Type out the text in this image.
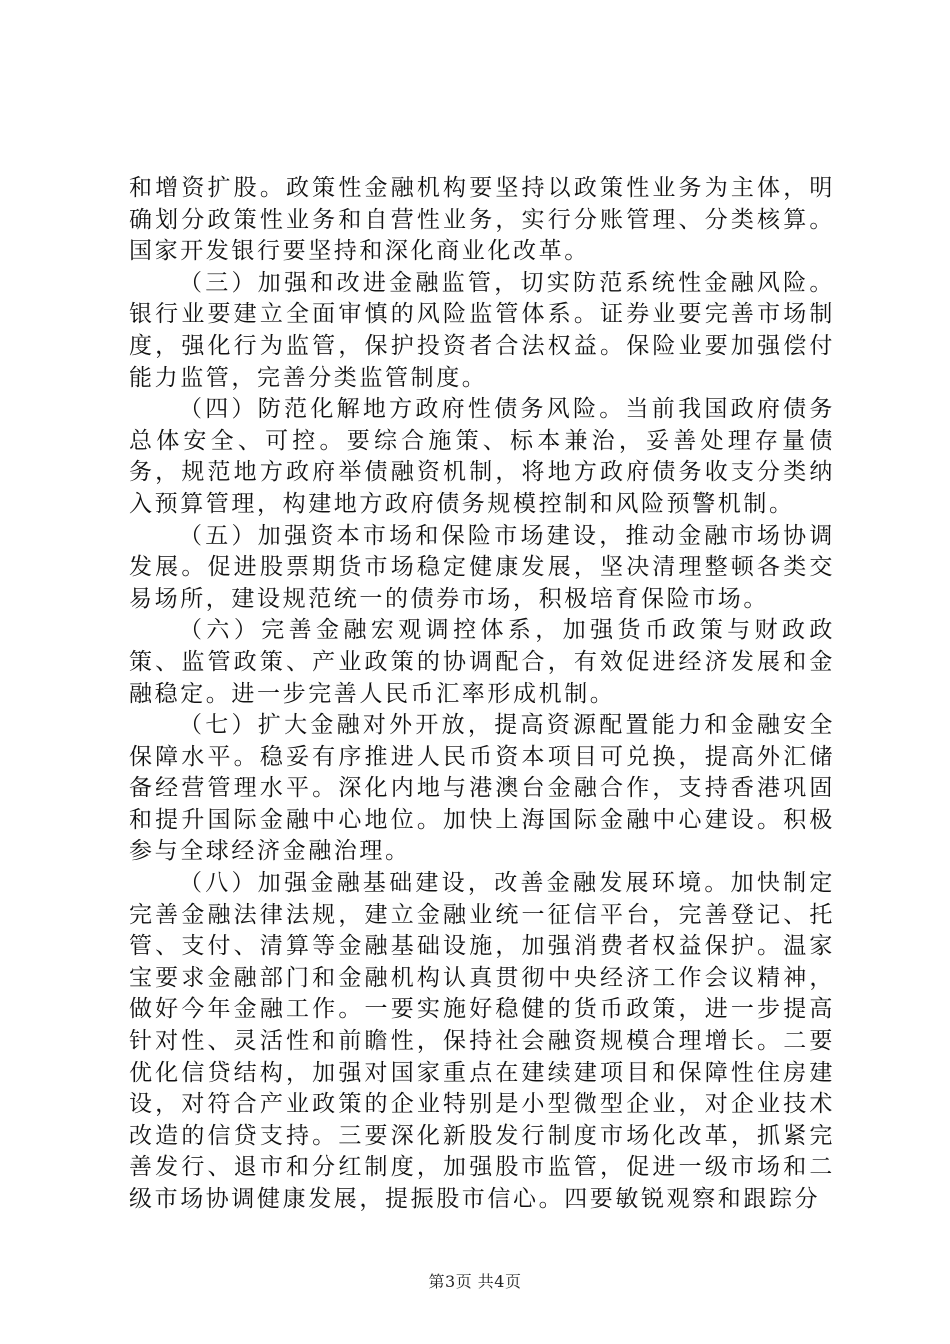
和增资扩股。政策性金融机构要坚持以政策性业务为主体，明确划分政策性业务和自营性业务，实行分账管理、分类核算。国家开发银行要坚持和深化商业化改革。

（三）加强和改进金融监管，切实防范系统性金融风险。银行业要建立全面审慎的风险监管体系。证券业要完善市场制度，强化行为监管，保护投资者合法权益。保险业要加强偿付能力监管，完善分类监管制度。

（四）防范化解地方政府性债务风险。当前我国政府债务总体安全、可控。要综合施策、标本兼治，妥善处理存量债务，规范地方政府举债融资机制，将地方政府债务收支分类纳入预算管理，构建地方政府债务规模控制和风险预警机制。

（五）加强资本市场和保险市场建设，推动金融市场协调发展。促进股票期货市场稳定健康发展，坚决清理整顿各类交易场所，建设规范统一的债券市场，积极培育保险市场。

（六）完善金融宏观调控体系，加强货币政策与财政政策、监管政策、产业政策的协调配合，有效促进经济发展和金融稳定。进一步完善人民币汇率形成机制。

（七）扩大金融对外开放，提高资源配置能力和金融安全保障水平。稳妥有序推进人民币资本项目可兑换，提高外汇储备经营管理水平。深化内地与港澳台金融合作，支持香港巩固和提升国际金融中心地位。加快上海国际金融中心建设。积极参与全球经济金融治理。

（八）加强金融基础建设，改善金融发展环境。加快制定完善金融法律法规，建立金融业统一征信平台，完善登记、托管、支付、清算等金融基础设施，加强消费者权益保护。温家宝要求金融部门和金融机构认真贯彻中央经济工作会议精神，做好今年金融工作。一要实施好稳健的货币政策，进一步提高针对性、灵活性和前瞻性，保持社会融资规模合理增长。二要优化信贷结构，加强对国家重点在建续建项目和保障性住房建设，对符合产业政策的企业特别是小型微型企业，对企业技术改造的信贷支持。三要深化新股发行制度市场化改革，抓紧完善发行、退市和分红制度，加强股市监管，促进一级市场和二级市场协调健康发展，提振股市信心。四要敏锐观察和跟踪分

第3页 共4页
